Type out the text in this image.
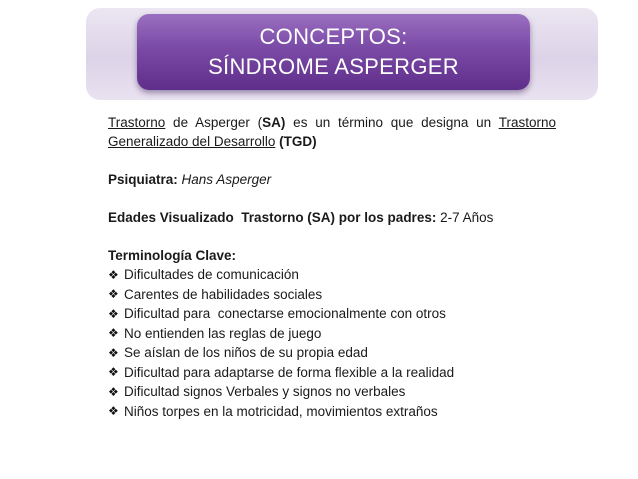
CONCEPTOS:
SÍNDROME ASPERGER

Trastorno de Asperger (SA) es un término que designa un Trastorno Generalizado del Desarrollo (TGD)

Psiquiatra: Hans Asperger

Edades Visualizado  Trastorno (SA) por los padres: 2-7 Años

Terminología Clave:

❖ Dificultades de comunicación
❖ Carentes de habilidades sociales
❖ Dificultad para  conectarse emocionalmente con otros
❖ No entienden las reglas de juego
❖ Se aíslan de los niños de su propia edad
❖ Dificultad para adaptarse de forma flexible a la realidad
❖ Dificultad signos Verbales y signos no verbales
❖ Niños torpes en la motricidad, movimientos extraños
